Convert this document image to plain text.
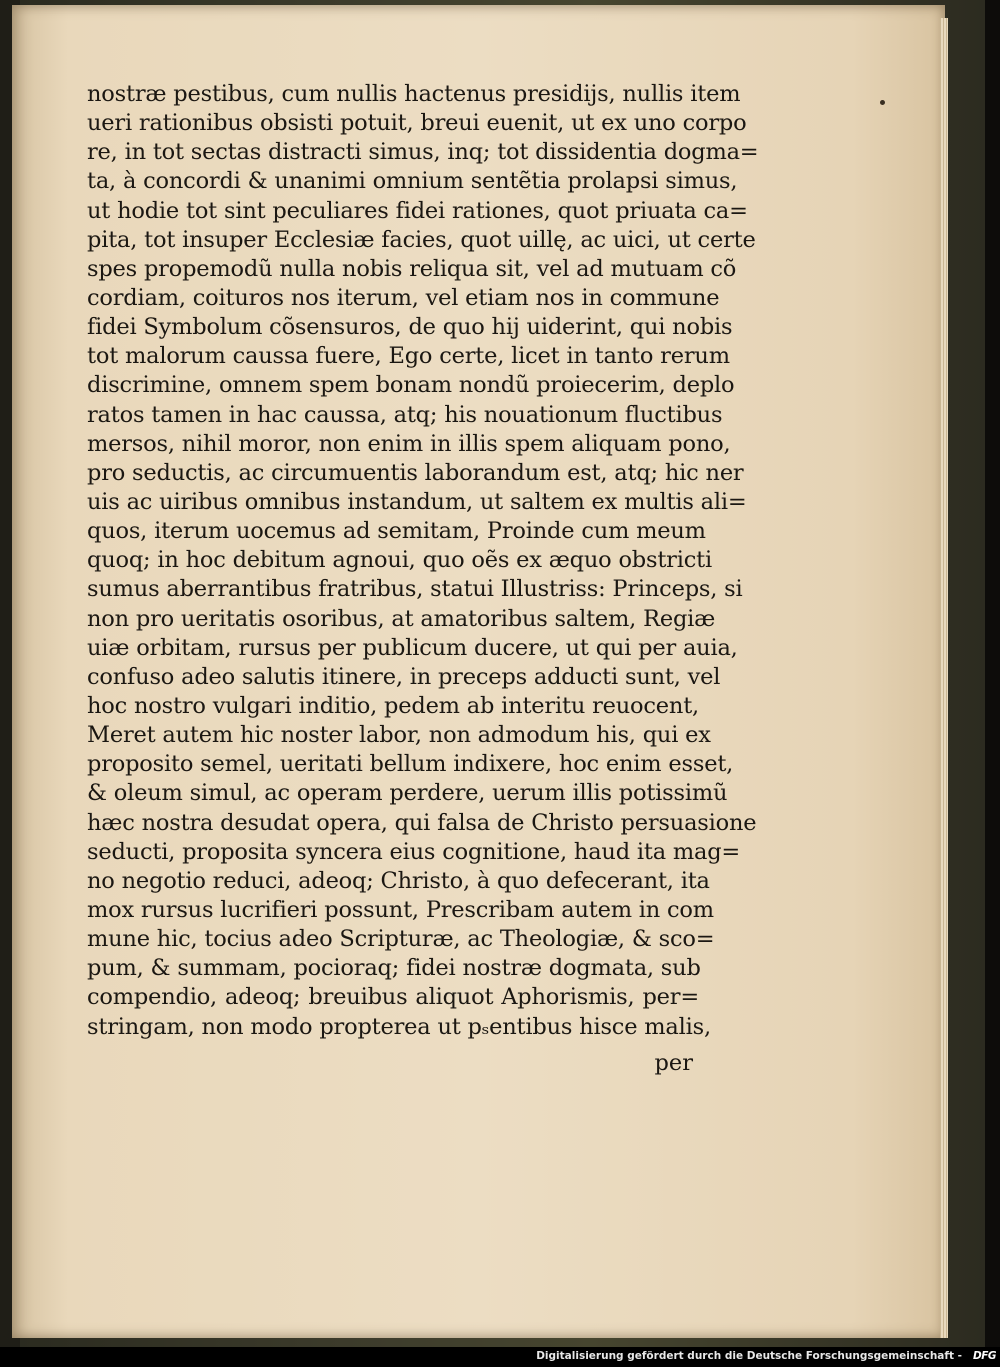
nostræ pestibus, cum nullis hactenus presidijs, nullis item
ueri rationibus obsisti potuit, breui euenit, ut ex uno corpo
re, in tot sectas distracti simus, inq; tot dissidentia dogma=
ta, à concordi & unanimi omnium sentẽtia prolapsi simus,
ut hodie tot sint peculiares fidei rationes, quot priuata ca=
pita, tot insuper Ecclesiæ facies, quot uillę, ac uici, ut certe
spes propemodũ nulla nobis reliqua sit, vel ad mutuam cõ
cordiam, coituros nos iterum, vel etiam nos in commune
fidei Symbolum cõsensuros, de quo hij uiderint, qui nobis
tot malorum caussa fuere, Ego certe, licet in tanto rerum
discrimine, omnem spem bonam nondũ proiecerim, deplo
ratos tamen in hac caussa, atq; his nouationum fluctibus
mersos, nihil moror, non enim in illis spem aliquam pono,
pro seductis, ac circumuentis laborandum est, atq; hic ner
uis ac uiribus omnibus instandum, ut saltem ex multis ali=
quos, iterum uocemus ad semitam, Proinde cum meum
quoq; in hoc debitum agnoui, quo oẽs ex æquo obstricti
sumus aberrantibus fratribus, statui Illustriss: Princeps, si
non pro ueritatis osoribus, at amatoribus saltem, Regiæ
uiæ orbitam, rursus per publicum ducere, ut qui per auia,
confuso adeo salutis itinere, in preceps adducti sunt, vel
hoc nostro vulgari inditio, pedem ab interitu reuocent,
Meret autem hic noster labor, non admodum his, qui ex
proposito semel, ueritati bellum indixere, hoc enim esset,
& oleum simul, ac operam perdere, uerum illis potissimũ
hæc nostra desudat opera, qui falsa de Christo persuasione
seducti, proposita syncera eius cognitione, haud ita mag=
no negotio reduci, adeoq; Christo, à quo defecerant, ita
mox rursus lucrifieri possunt, Prescribam autem in com
mune hic, tocius adeo Scripturæ, ac Theologiæ, & sco=
pum, & summam, pocioraq; fidei nostræ dogmata, sub
compendio, adeoq; breuibus aliquot Aphorismis, per=
stringam, non modo propterea ut pₛentibus hisce malis,
per
Digitalisierung gefördert durch die Deutsche Forschungsgemeinschaft - DFG
